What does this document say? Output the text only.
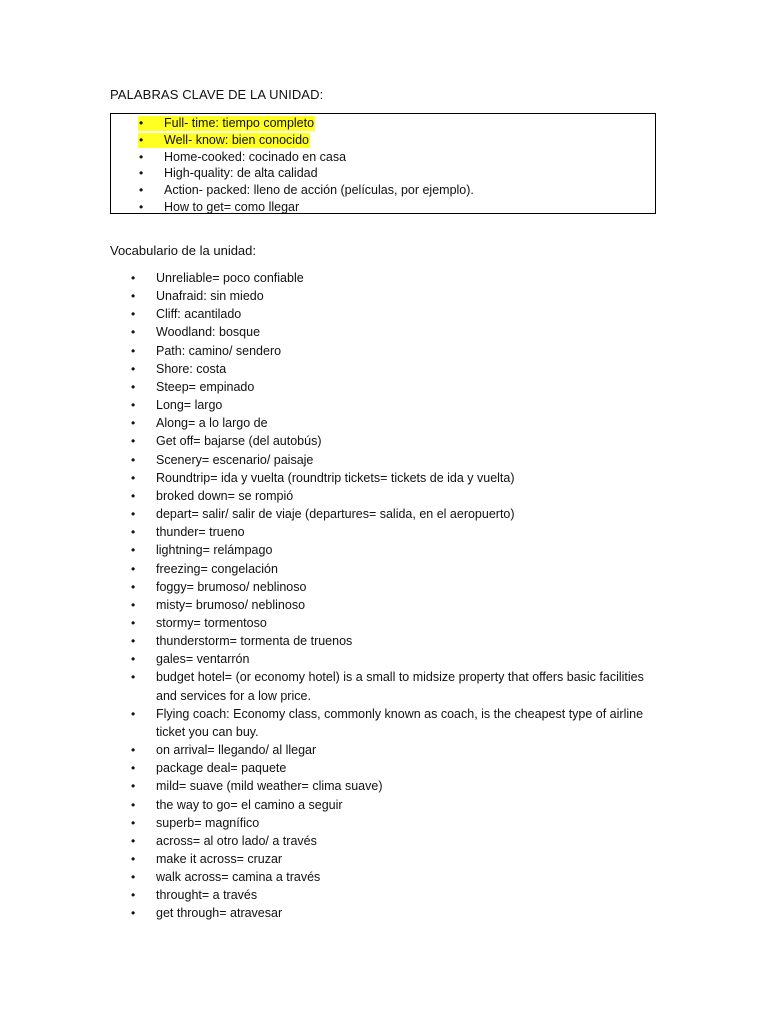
PALABRAS CLAVE DE LA UNIDAD:
• Full- time: tiempo completo
• Well- know: bien conocido
• Home-cooked: cocinado en casa
• High-quality: de alta calidad
• Action- packed: lleno de acción (películas, por ejemplo).
• How to get= como llegar
Vocabulario de la unidad:
• Unreliable= poco confiable
• Unafraid: sin miedo
• Cliff: acantilado
• Woodland: bosque
• Path: camino/ sendero
• Shore: costa
• Steep= empinado
• Long= largo
• Along= a lo largo de
• Get off= bajarse (del autobús)
• Scenery= escenario/ paisaje
• Roundtrip= ida y vuelta (roundtrip tickets= tickets de ida y vuelta)
• broked down= se rompió
• depart= salir/ salir de viaje (departures= salida, en el aeropuerto)
• thunder= trueno
• lightning= relámpago
• freezing= congelación
• foggy= brumoso/ neblinoso
• misty= brumoso/ neblinoso
• stormy= tormentoso
• thunderstorm= tormenta de truenos
• gales= ventarrón
• budget hotel= (or economy hotel) is a small to midsize property that offers basic facilities and services for a low price.
• Flying coach: Economy class, commonly known as coach, is the cheapest type of airline ticket you can buy.
• on arrival= llegando/ al llegar
• package deal= paquete
• mild= suave (mild weather= clima suave)
• the way to go= el camino a seguir
• superb= magnífico
• across= al otro lado/ a través
• make it across= cruzar
• walk across= camina a través
• throught= a través
• get through= atravesar
